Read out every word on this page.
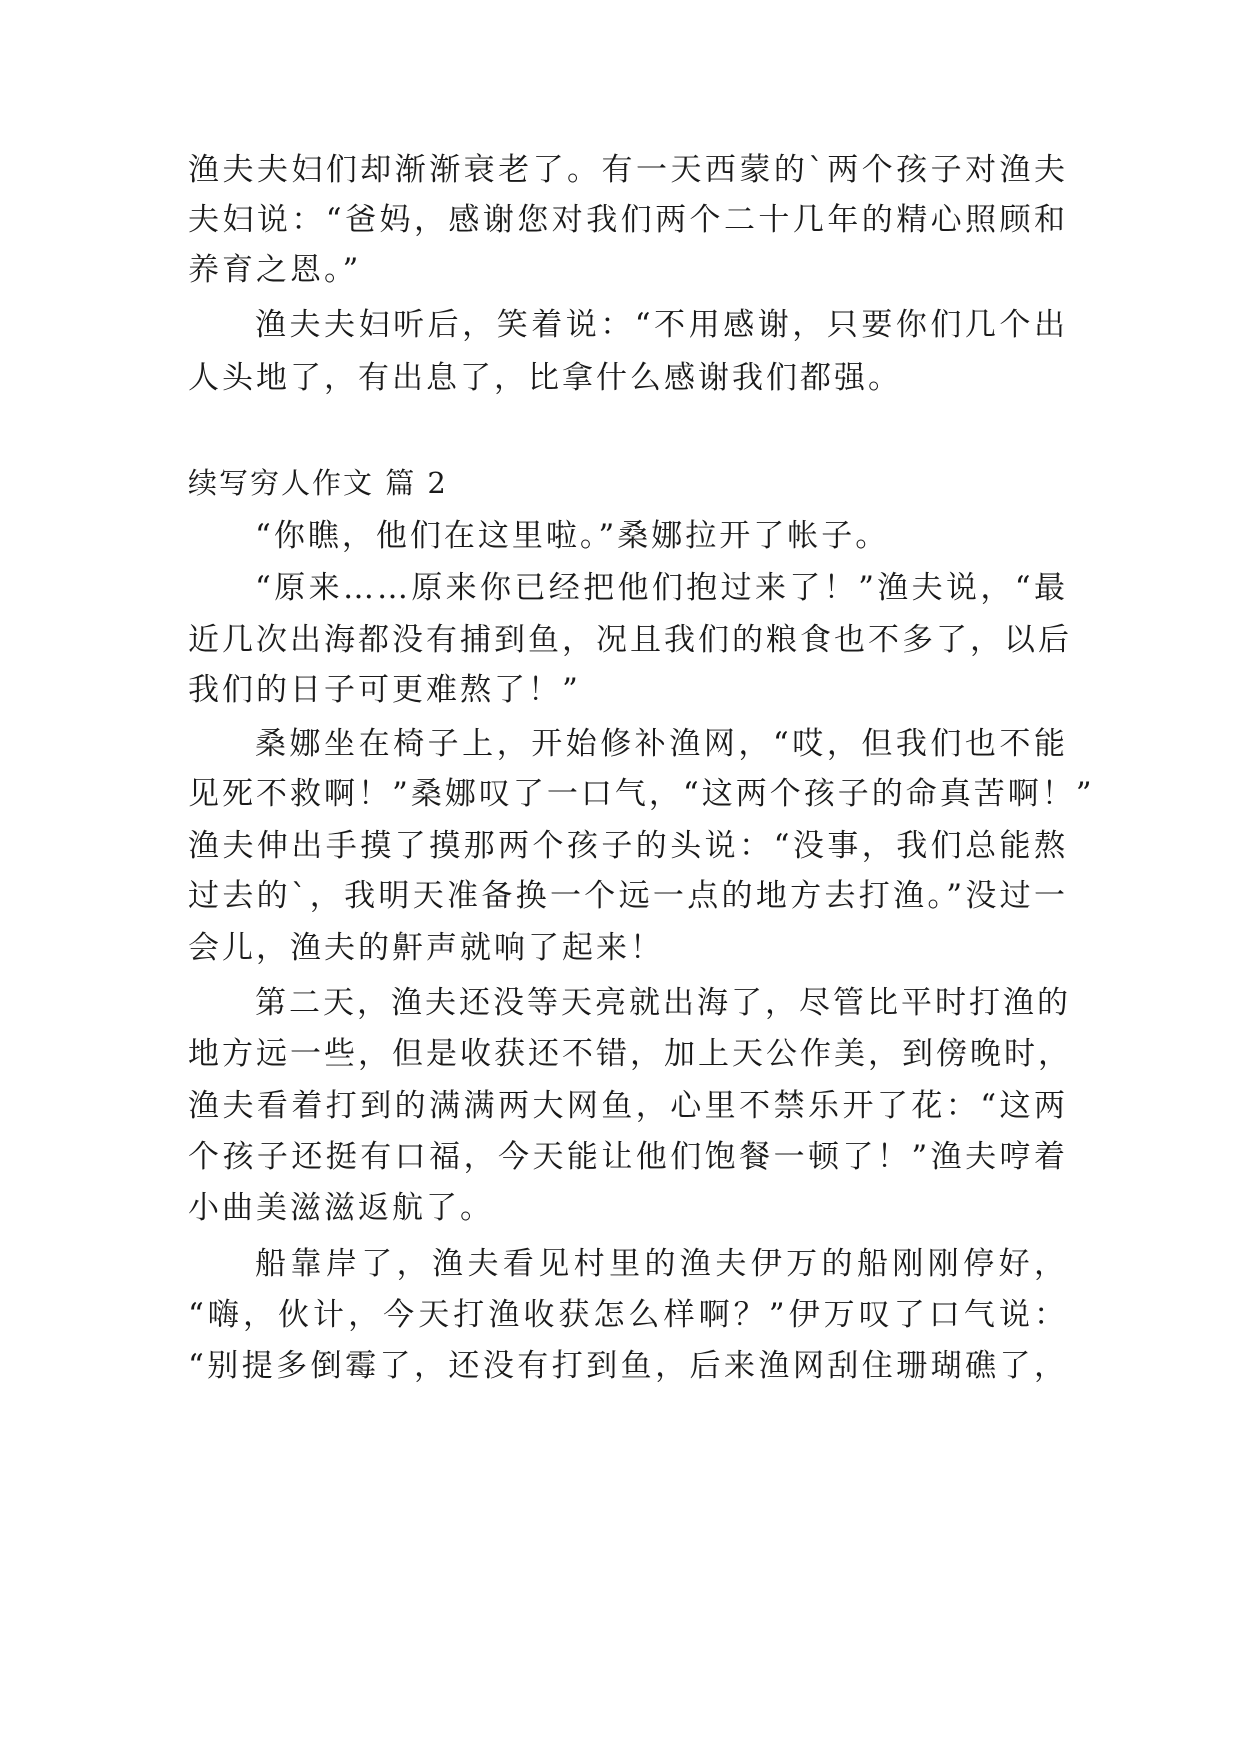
渔夫夫妇们却渐渐衰老了。有一天西蒙的`两个孩子对渔夫
夫妇说：“爸妈，感谢您对我们两个二十几年的精心照顾和
养育之恩。”
渔夫夫妇听后，笑着说：“不用感谢，只要你们几个出
人头地了，有出息了，比拿什么感谢我们都强。
续写穷人作文 篇 2
“你瞧，他们在这里啦。”桑娜拉开了帐子。
“原来……原来你已经把他们抱过来了！”渔夫说，“最
近几次出海都没有捕到鱼，况且我们的粮食也不多了，以后
我们的日子可更难熬了！”
桑娜坐在椅子上，开始修补渔网，“哎，但我们也不能
见死不救啊！”桑娜叹了一口气，“这两个孩子的命真苦啊！”
渔夫伸出手摸了摸那两个孩子的头说：“没事，我们总能熬
过去的`，我明天准备换一个远一点的地方去打渔。”没过一
会儿，渔夫的鼾声就响了起来！
第二天，渔夫还没等天亮就出海了，尽管比平时打渔的
地方远一些，但是收获还不错，加上天公作美，到傍晚时，
渔夫看着打到的满满两大网鱼，心里不禁乐开了花：“这两
个孩子还挺有口福，今天能让他们饱餐一顿了！”渔夫哼着
小曲美滋滋返航了。
船靠岸了，渔夫看见村里的渔夫伊万的船刚刚停好，
“嗨，伙计，今天打渔收获怎么样啊？”伊万叹了口气说：
“别提多倒霉了，还没有打到鱼，后来渔网刮住珊瑚礁了，
